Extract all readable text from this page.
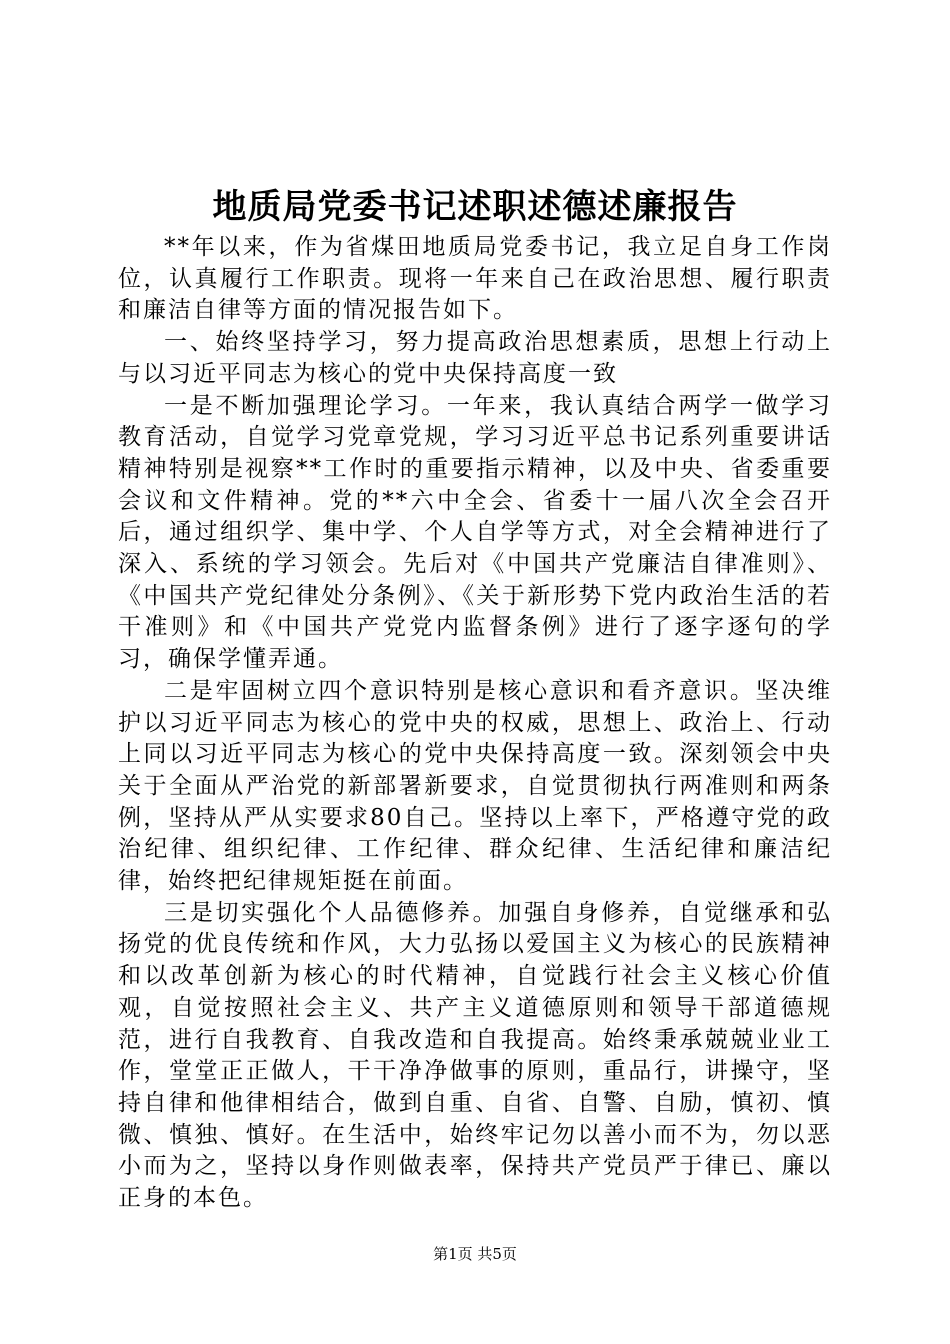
地质局党委书记述职述德述廉报告

**年以来，作为省煤田地质局党委书记，我立足自身工作岗位，认真履行工作职责。现将一年来自己在政治思想、履行职责和廉洁自律等方面的情况报告如下。

一、始终坚持学习，努力提高政治思想素质，思想上行动上与以习近平同志为核心的党中央保持高度一致

一是不断加强理论学习。一年来，我认真结合两学一做学习教育活动，自觉学习党章党规，学习习近平总书记系列重要讲话精神特别是视察**工作时的重要指示精神，以及中央、省委重要会议和文件精神。党的**六中全会、省委十一届八次全会召开后，通过组织学、集中学、个人自学等方式，对全会精神进行了深入、系统的学习领会。先后对《中国共产党廉洁自律准则》、《中国共产党纪律处分条例》、《关于新形势下党内政治生活的若干准则》和《中国共产党党内监督条例》进行了逐字逐句的学习，确保学懂弄通。

二是牢固树立四个意识特别是核心意识和看齐意识。坚决维护以习近平同志为核心的党中央的权威，思想上、政治上、行动上同以习近平同志为核心的党中央保持高度一致。深刻领会中央关于全面从严治党的新部署新要求，自觉贯彻执行两准则和两条例，坚持从严从实要求80自己。坚持以上率下，严格遵守党的政治纪律、组织纪律、工作纪律、群众纪律、生活纪律和廉洁纪律，始终把纪律规矩挺在前面。

三是切实强化个人品德修养。加强自身修养，自觉继承和弘扬党的优良传统和作风，大力弘扬以爱国主义为核心的民族精神和以改革创新为核心的时代精神，自觉践行社会主义核心价值观，自觉按照社会主义、共产主义道德原则和领导干部道德规范，进行自我教育、自我改造和自我提高。始终秉承兢兢业业工作，堂堂正正做人，干干净净做事的原则，重品行，讲操守，坚持自律和他律相结合，做到自重、自省、自警、自励，慎初、慎微、慎独、慎好。在生活中，始终牢记勿以善小而不为，勿以恶小而为之，坚持以身作则做表率，保持共产党员严于律已、廉以正身的本色。

第1页 共5页
